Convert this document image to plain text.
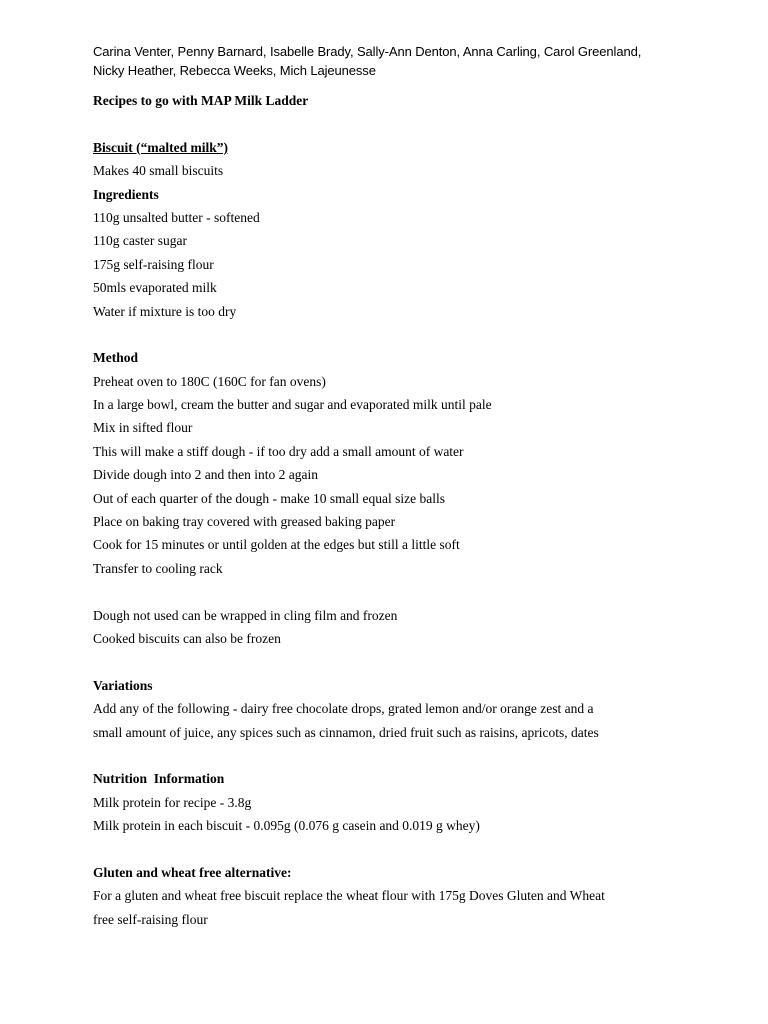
Carina Venter, Penny Barnard, Isabelle Brady, Sally-Ann Denton, Anna Carling, Carol Greenland,
Nicky Heather, Rebecca Weeks, Mich Lajeunesse
Recipes to go with MAP Milk Ladder
Biscuit (“malted milk”)
Makes 40 small biscuits
Ingredients
110g unsalted butter - softened
110g caster sugar
175g self-raising flour
50mls evaporated milk
Water if mixture is too dry
Method
Preheat oven to 180C (160C for fan ovens)
In a large bowl, cream the butter and sugar and evaporated milk until pale
Mix in sifted flour
This will make a stiff dough - if too dry add a small amount of water
Divide dough into 2 and then into 2 again
Out of each quarter of the dough - make 10 small equal size balls
Place on baking tray covered with greased baking paper
Cook for 15 minutes or until golden at the edges but still a little soft
Transfer to cooling rack
Dough not used can be wrapped in cling film and frozen
Cooked biscuits can also be frozen
Variations
Add any of the following - dairy free chocolate drops, grated lemon and/or orange zest and a
small amount of juice, any spices such as cinnamon, dried fruit such as raisins, apricots, dates
Nutrition  Information
Milk protein for recipe - 3.8g
Milk protein in each biscuit - 0.095g (0.076 g casein and 0.019 g whey)
Gluten and wheat free alternative:
For a gluten and wheat free biscuit replace the wheat flour with 175g Doves Gluten and Wheat
free self-raising flour
